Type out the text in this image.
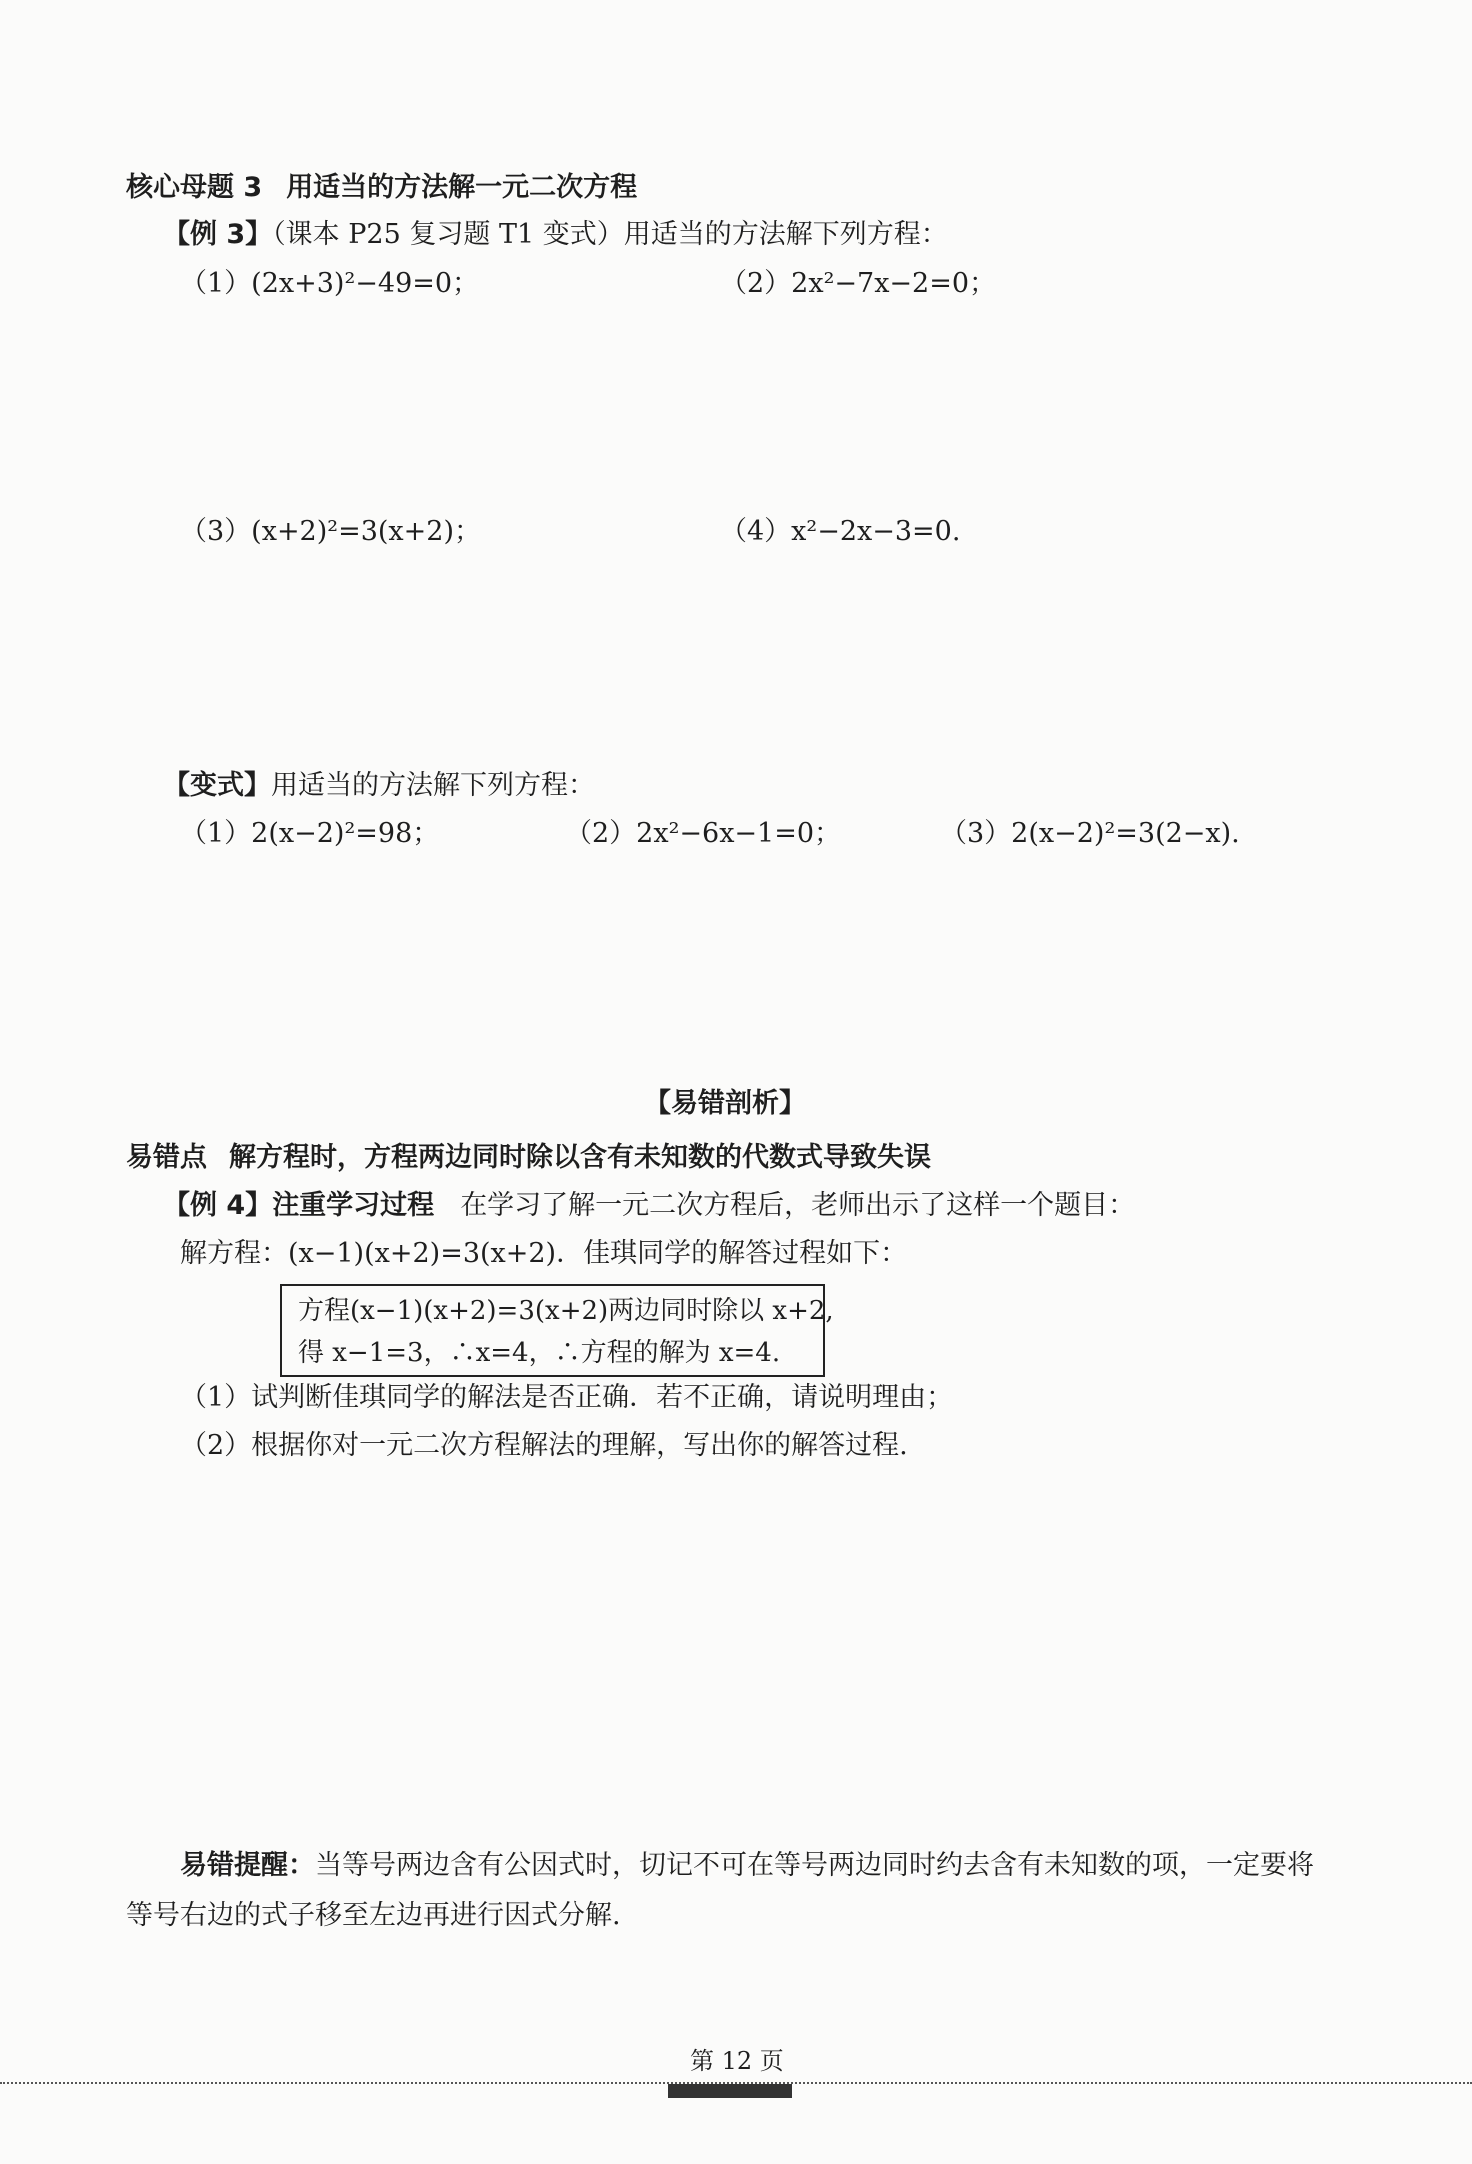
核心母题 3 用适当的方法解一元二次方程
【例 3】（课本 P25 复习题 T1 变式）用适当的方法解下列方程：
（1）(2x+3)²−49=0；	（2）2x²−7x−2=0；
（3）(x+2)²=3(x+2)；	（4）x²−2x−3=0.
【变式】用适当的方法解下列方程：
（1）2(x−2)²=98；	（2）2x²−6x−1=0；	（3）2(x−2)²=3(2−x).
【易错剖析】
易错点 解方程时，方程两边同时除以含有未知数的代数式导致失误
【例 4】注重学习过程 在学习了解一元二次方程后，老师出示了这样一个题目：
解方程：(x−1)(x+2)=3(x+2)．佳琪同学的解答过程如下：
方程(x−1)(x+2)=3(x+2)两边同时除以 x+2,
得 x−1=3，∴x=4，∴方程的解为 x=4.
（1）试判断佳琪同学的解法是否正确．若不正确，请说明理由；
（2）根据你对一元二次方程解法的理解，写出你的解答过程.
易错提醒：当等号两边含有公因式时，切记不可在等号两边同时约去含有未知数的项，一定要将
等号右边的式子移至左边再进行因式分解.
第 12 页
